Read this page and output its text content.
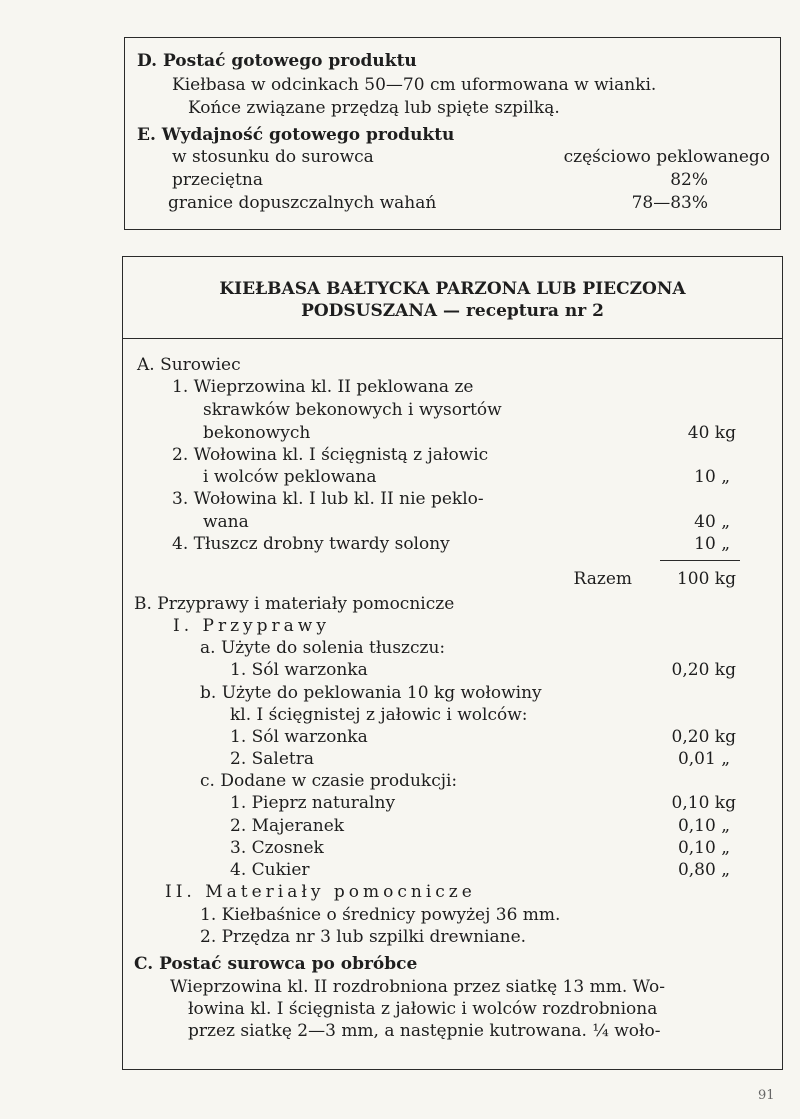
D. Postać gotowego produktu
Kiełbasa w odcinkach 50—70 cm uformowana w wianki.
Końce związane przędzą lub spięte szpilką.
E. Wydajność gotowego produktu
w stosunku do surowca	częściowo peklowanego
przeciętna	82%
granice dopuszczalnych wahań	78—83%
KIEŁBASA BAŁTYCKA PARZONA LUB PIECZONA
PODSUSZANA — receptura nr 2
A. Surowiec
1. Wieprzowina kl. II peklowana ze
skrawków bekonowych i wysortów
bekonowych	40 kg
2. Wołowina kl. I ścięgnistą z jałowic
i wolców peklowana	10 „
3. Wołowina kl. I lub kl. II nie peklo-
wana	40 „
4. Tłuszcz drobny twardy solony	10 „
Razem	100 kg
B. Przyprawy i materiały pomocnicze
I. Przyprawy
a. Użyte do solenia tłuszczu:
1. Sól warzonka	0,20 kg
b. Użyte do peklowania 10 kg wołowiny
kl. I ścięgnistej z jałowic i wolców:
1. Sól warzonka	0,20 kg
2. Saletra	0,01 „
c. Dodane w czasie produkcji:
1. Pieprz naturalny	0,10 kg
2. Majeranek	0,10 „
3. Czosnek	0,10 „
4. Cukier	0,80 „
II. Materiały pomocnicze
1. Kiełbaśnice o średnicy powyżej 36 mm.
2. Przędza nr 3 lub szpilki drewniane.
C. Postać surowca po obróbce
Wieprzowina kl. II rozdrobniona przez siatkę 13 mm. Wo-
łowina kl. I ścięgnista z jałowic i wolców rozdrobniona
przez siatkę 2—3 mm, a następnie kutrowana. ¼ woło-
91
